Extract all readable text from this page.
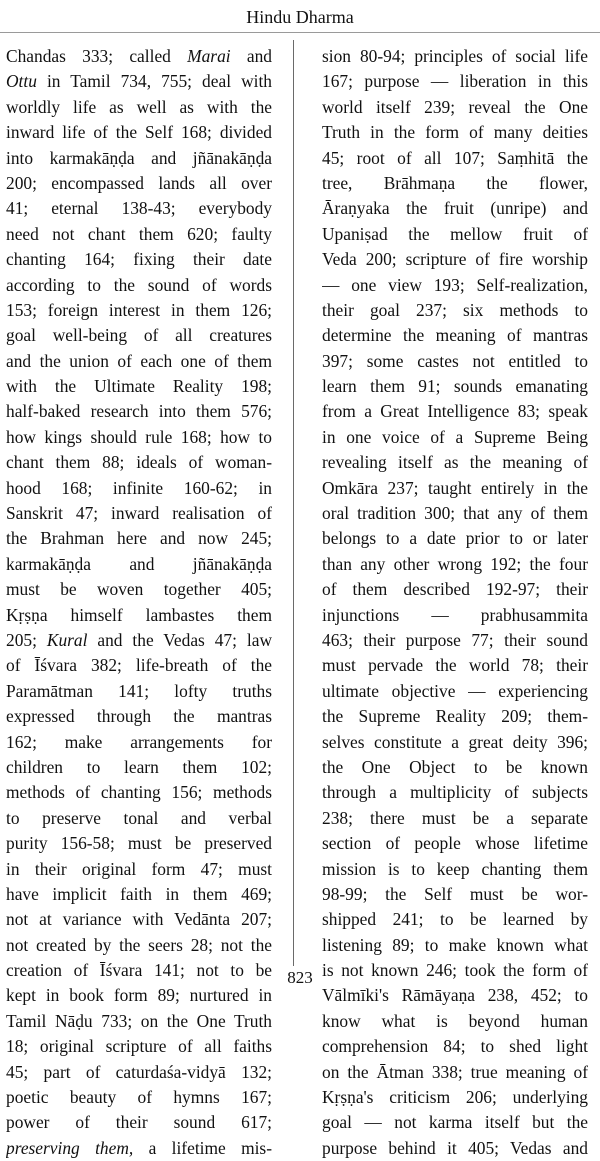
Hindu Dharma
Chandas 333; called Marai and
Ottu in Tamil 734, 755; deal with
worldly life as well as with the
inward life of the Self 168; divided
into karmakāṇḍa and jñānakāṇḍa
200; encompassed lands all over
41; eternal 138-43; everybody
need not chant them 620; faulty
chanting 164; fixing their date
according to the sound of words
153; foreign interest in them 126;
goal well-being of all creatures
and the union of each one of them
with the Ultimate Reality 198;
half-baked research into them 576;
how kings should rule 168; how to
chant them 88; ideals of woman-
hood 168; infinite 160-62; in
Sanskrit 47; inward realisation of
the Brahman here and now 245;
karmakāṇḍa and jñānakāṇḍa
must be woven together 405;
Kṛṣṇa himself lambastes them
205; Kural and the Vedas 47; law
of Īśvara 382; life-breath of the
Paramātman 141; lofty truths
expressed through the mantras
162; make arrangements for
children to learn them 102;
methods of chanting 156; methods
to preserve tonal and verbal
purity 156-58; must be preserved
in their original form 47; must
have implicit faith in them 469;
not at variance with Vedānta 207;
not created by the seers 28; not the
creation of Īśvara 141; not to be
kept in book form 89; nurtured in
Tamil Nāḍu 733; on the One Truth
18; original scripture of all faiths
45; part of caturdaśa-vidyā 132;
poetic beauty of hymns 167;
power of their sound 617;
preserving them, a lifetime mis-
sion 80-94; principles of social life
167; purpose — liberation in this
world itself 239; reveal the One
Truth in the form of many deities
45; root of all 107; Saṃhitā the
tree, Brāhmaṇa the flower,
Āraṇyaka the fruit (unripe) and
Upaniṣad the mellow fruit of
Veda 200; scripture of fire worship
— one view 193; Self-realization,
their goal 237; six methods to
determine the meaning of mantras
397; some castes not entitled to
learn them 91; sounds emanating
from a Great Intelligence 83; speak
in one voice of a Supreme Being
revealing itself as the meaning of
Omkāra 237; taught entirely in the
oral tradition 300; that any of them
belongs to a date prior to or later
than any other wrong 192; the four
of them described 192-97; their
injunctions — prabhusammita
463; their purpose 77; their sound
must pervade the world 78; their
ultimate objective — experiencing
the Supreme Reality 209; them-
selves constitute a great deity 396;
the One Object to be known
through a multiplicity of subjects
238; there must be a separate
section of people whose lifetime
mission is to keep chanting them
98-99; the Self must be wor-
shipped 241; to be learned by
listening 89; to make known what
is not known 246; took the form of
Vālmīki's Rāmāyaṇa 238, 452; to
know what is beyond human
comprehension 84; to shed light
on the Ātman 338; true meaning of
Kṛṣṇa's criticism 206; underlying
goal — not karma itself but the
purpose behind it 405; Vedas and
823
